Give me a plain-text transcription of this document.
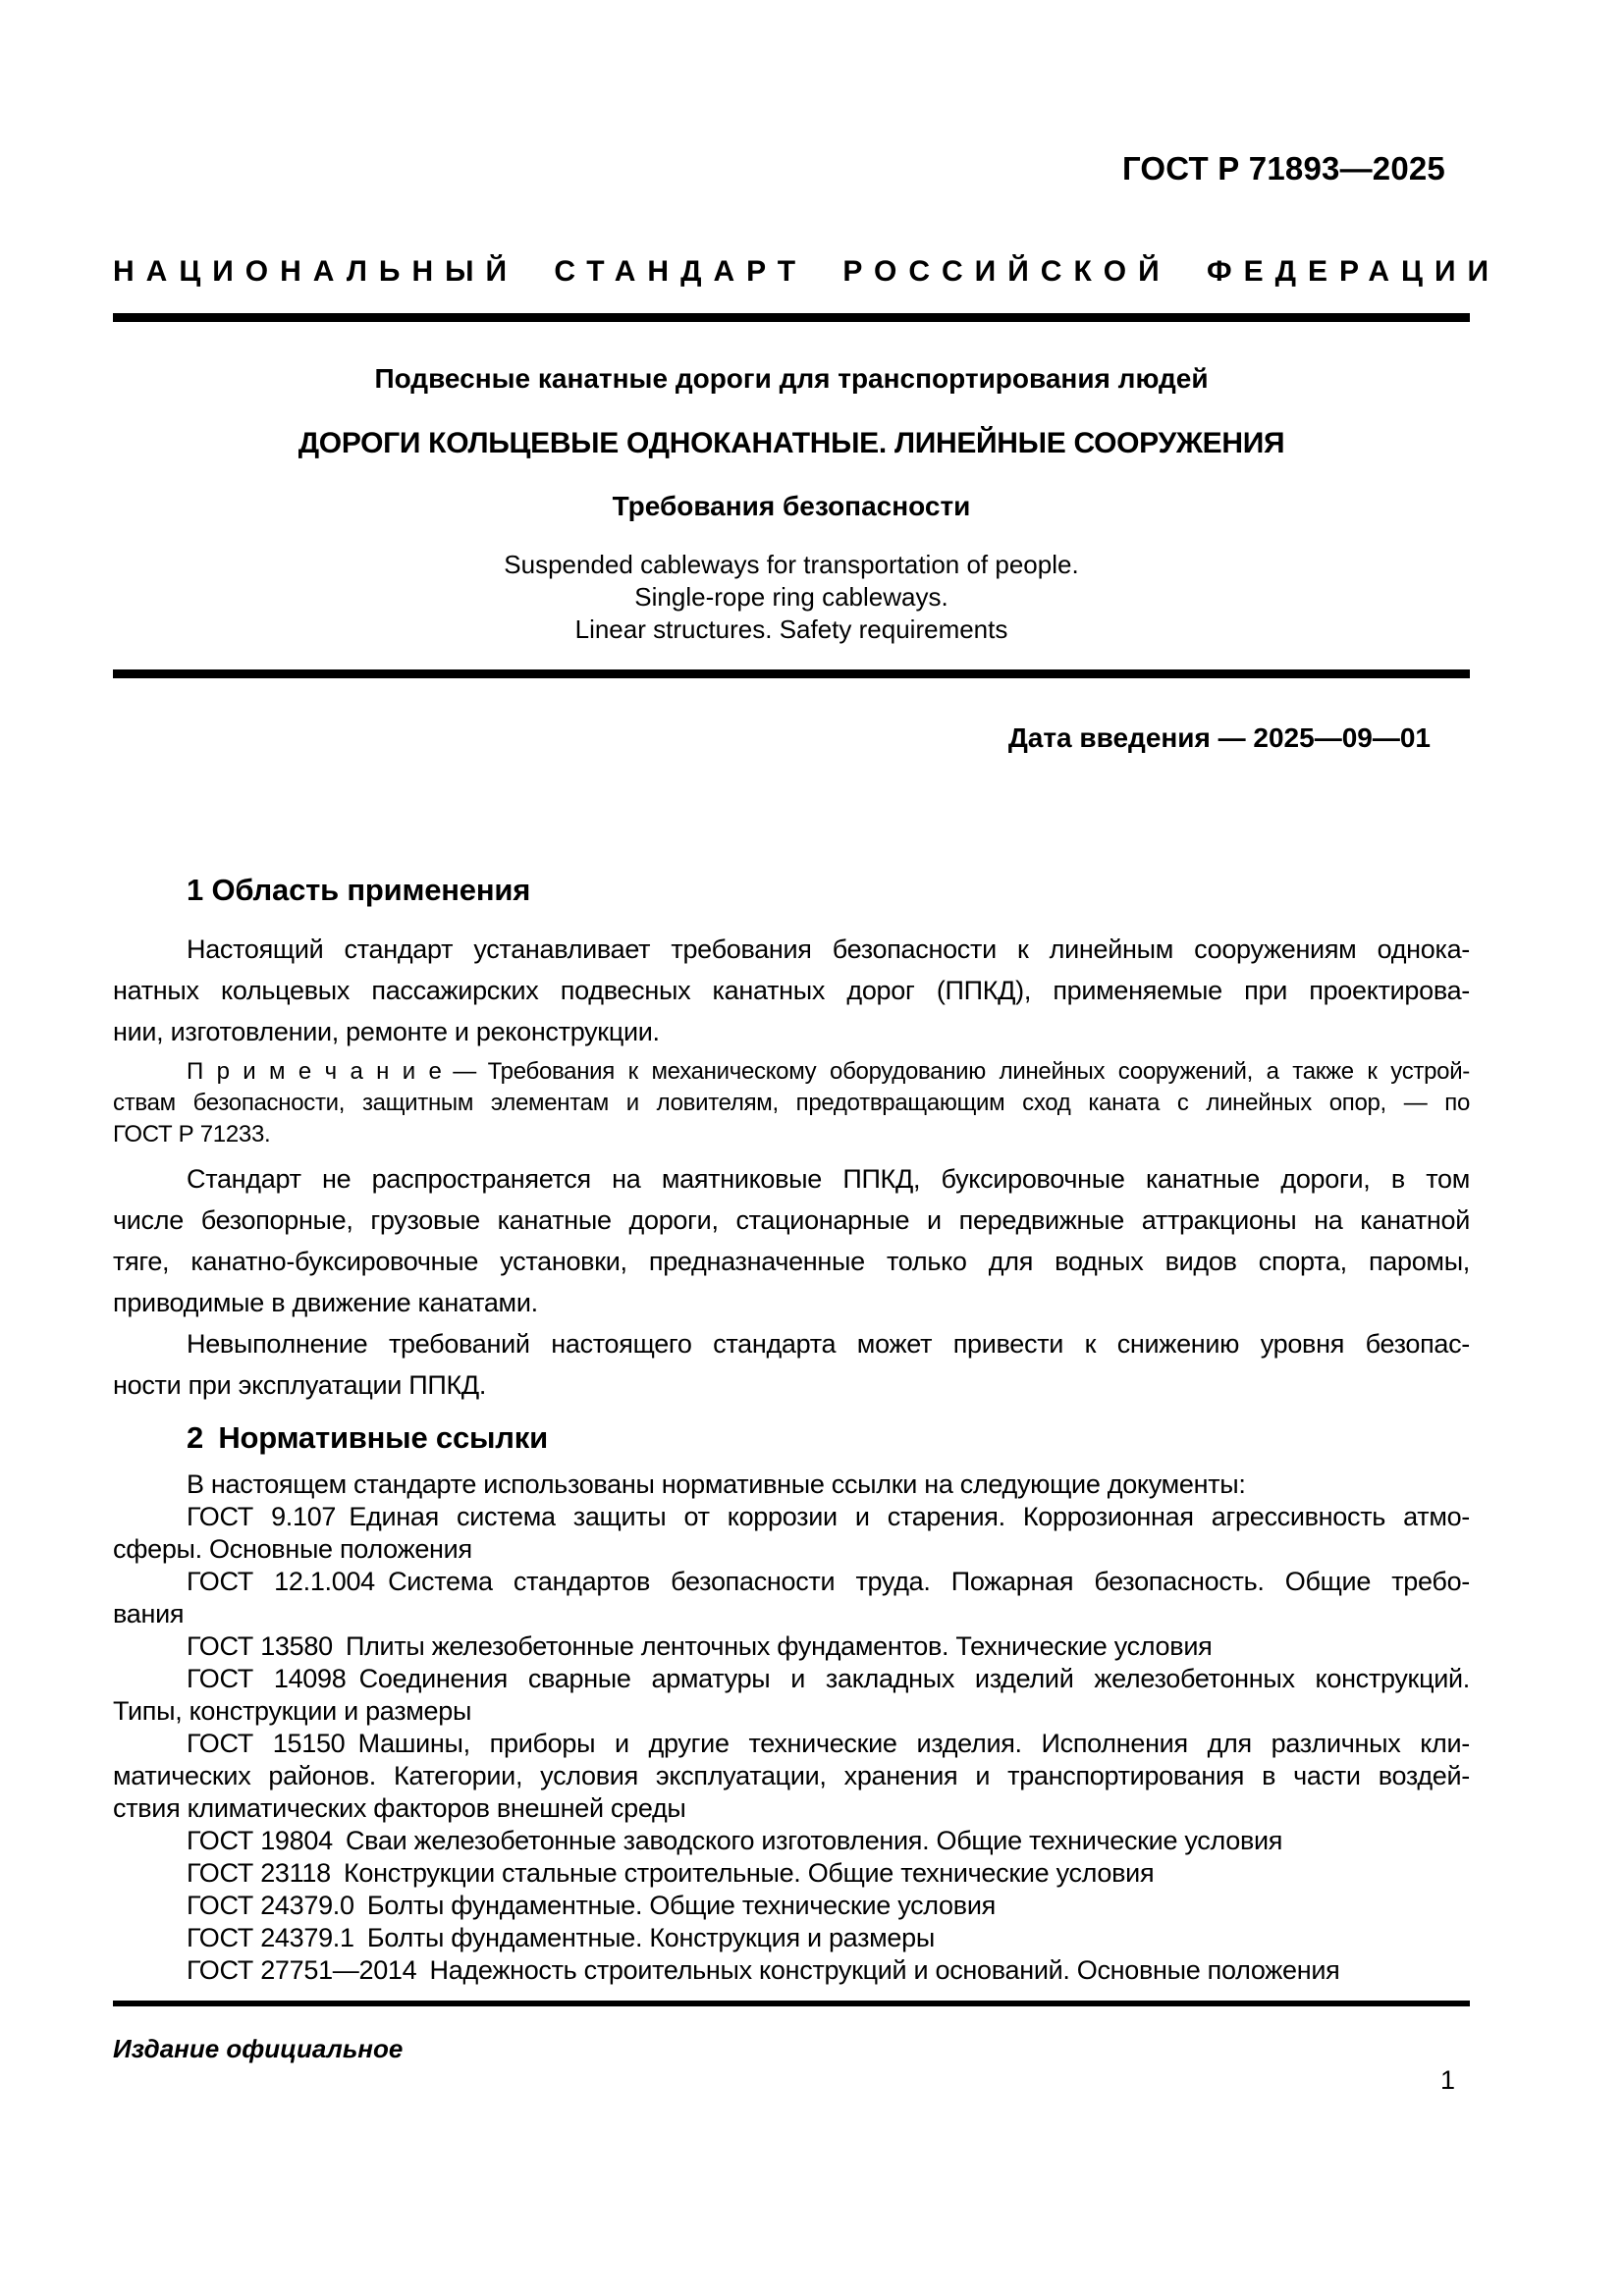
ГОСТ Р 71893—2025
НАЦИОНАЛЬНЫЙ СТАНДАРТ РОССИЙСКОЙ ФЕДЕРАЦИИ
Подвесные канатные дороги для транспортирования людей
ДОРОГИ КОЛЬЦЕВЫЕ ОДНОКАНАТНЫЕ. ЛИНЕЙНЫЕ СООРУЖЕНИЯ
Требования безопасности
Suspended cableways for transportation of people.
Single-rope ring cableways.
Linear structures. Safety requirements
Дата введения — 2025—09—01
1 Область применения
Настоящий стандарт устанавливает требования безопасности к линейным сооружениям однока-
натных кольцевых пассажирских подвесных канатных дорог (ППКД), применяемые при проектирова-
нии, изготовлении, ремонте и реконструкции.
П р и м е ч а н и е — Требования к механическому оборудованию линейных сооружений, а также к устрой-
ствам безопасности, защитным элементам и ловителям, предотвращающим сход каната с линейных опор, — по
ГОСТ Р 71233.
Стандарт не распространяется на маятниковые ППКД, буксировочные канатные дороги, в том
числе безопорные, грузовые канатные дороги, стационарные и передвижные аттракционы на канатной
тяге, канатно-буксировочные установки, предназначенные только для водных видов спорта, паромы,
приводимые в движение канатами.
Невыполнение требований настоящего стандарта может привести к снижению уровня безопас-
ности при эксплуатации ППКД.
2 Нормативные ссылки
В настоящем стандарте использованы нормативные ссылки на следующие документы:
ГОСТ 9.107 Единая система защиты от коррозии и старения. Коррозионная агрессивность атмо-
сферы. Основные положения
ГОСТ 12.1.004 Система стандартов безопасности труда. Пожарная безопасность. Общие требо-
вания
ГОСТ 13580 Плиты железобетонные ленточных фундаментов. Технические условия
ГОСТ 14098 Соединения сварные арматуры и закладных изделий железобетонных конструкций.
Типы, конструкции и размеры
ГОСТ 15150 Машины, приборы и другие технические изделия. Исполнения для различных кли-
матических районов. Категории, условия эксплуатации, хранения и транспортирования в части воздей-
ствия климатических факторов внешней среды
ГОСТ 19804 Сваи железобетонные заводского изготовления. Общие технические условия
ГОСТ 23118 Конструкции стальные строительные. Общие технические условия
ГОСТ 24379.0 Болты фундаментные. Общие технические условия
ГОСТ 24379.1 Болты фундаментные. Конструкция и размеры
ГОСТ 27751—2014 Надежность строительных конструкций и оснований. Основные положения
Издание официальное
1
